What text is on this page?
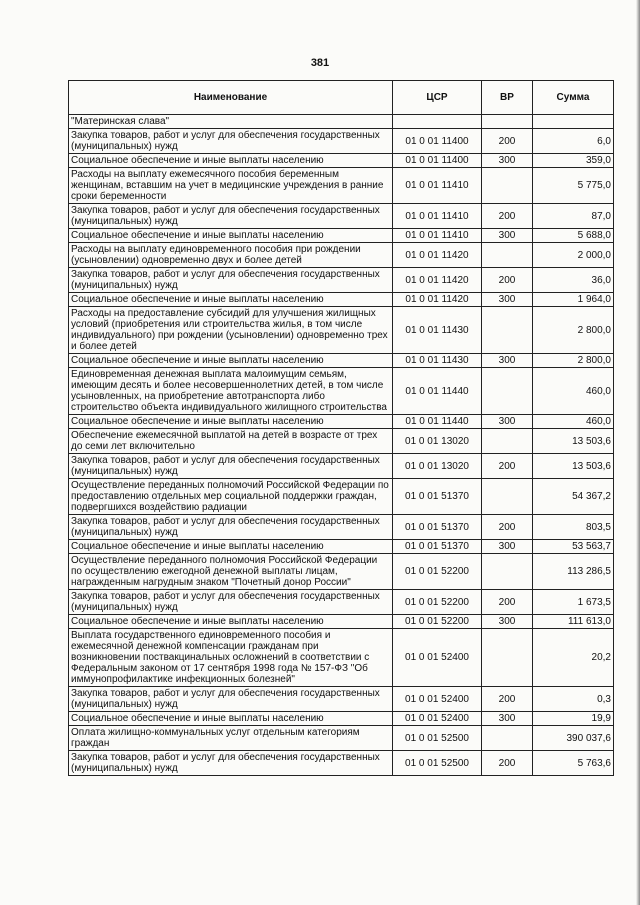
381
Наименование	ЦСР	ВР	Сумма
"Материнская слава"			
Закупка товаров, работ и услуг для обеспечения государственных (муниципальных) нужд	01 0 01 11400	200	6,0
Социальное обеспечение и иные выплаты населению	01 0 01 11400	300	359,0
Расходы на выплату ежемесячного пособия беременным женщинам, вставшим на учет в медицинские учреждения в ранние сроки беременности	01 0 01 11410		5 775,0
Закупка товаров, работ и услуг для обеспечения государственных (муниципальных) нужд	01 0 01 11410	200	87,0
Социальное обеспечение и иные выплаты населению	01 0 01 11410	300	5 688,0
Расходы на выплату единовременного пособия при рождении (усыновлении) одновременно двух и более детей	01 0 01 11420		2 000,0
Закупка товаров, работ и услуг для обеспечения государственных (муниципальных) нужд	01 0 01 11420	200	36,0
Социальное обеспечение и иные выплаты населению	01 0 01 11420	300	1 964,0
Расходы на предоставление субсидий для улучшения жилищных условий (приобретения или строительства жилья, в том числе индивидуального) при рождении (усыновлении) одновременно трех и более детей	01 0 01 11430		2 800,0
Социальное обеспечение и иные выплаты населению	01 0 01 11430	300	2 800,0
Единовременная денежная выплата малоимущим семьям, имеющим десять и более несовершеннолетних детей, в том числе усыновленных, на приобретение автотранспорта либо строительство объекта индивидуального жилищного строительства	01 0 01 11440		460,0
Социальное обеспечение и иные выплаты населению	01 0 01 11440	300	460,0
Обеспечение ежемесячной выплатой на детей в возрасте от трех до семи лет включительно	01 0 01 13020		13 503,6
Закупка товаров, работ и услуг для обеспечения государственных (муниципальных) нужд	01 0 01 13020	200	13 503,6
Осуществление переданных полномочий Российской Федерации по предоставлению отдельных мер социальной поддержки граждан, подвергшихся воздействию радиации	01 0 01 51370		54 367,2
Закупка товаров, работ и услуг для обеспечения государственных (муниципальных) нужд	01 0 01 51370	200	803,5
Социальное обеспечение и иные выплаты населению	01 0 01 51370	300	53 563,7
Осуществление переданного полномочия Российской Федерации по осуществлению ежегодной денежной выплаты лицам, награжденным нагрудным знаком "Почетный донор России"	01 0 01 52200		113 286,5
Закупка товаров, работ и услуг для обеспечения государственных (муниципальных) нужд	01 0 01 52200	200	1 673,5
Социальное обеспечение и иные выплаты населению	01 0 01 52200	300	111 613,0
Выплата государственного единовременного пособия и ежемесячной денежной компенсации гражданам при возникновении поствакцинальных осложнений в соответствии с Федеральным законом от 17 сентября 1998 года № 157-ФЗ "Об иммунопрофилактике инфекционных болезней"	01 0 01 52400		20,2
Закупка товаров, работ и услуг для обеспечения государственных (муниципальных) нужд	01 0 01 52400	200	0,3
Социальное обеспечение и иные выплаты населению	01 0 01 52400	300	19,9
Оплата жилищно-коммунальных услуг отдельным категориям граждан	01 0 01 52500		390 037,6
Закупка товаров, работ и услуг для обеспечения государственных (муниципальных) нужд	01 0 01 52500	200	5 763,6
